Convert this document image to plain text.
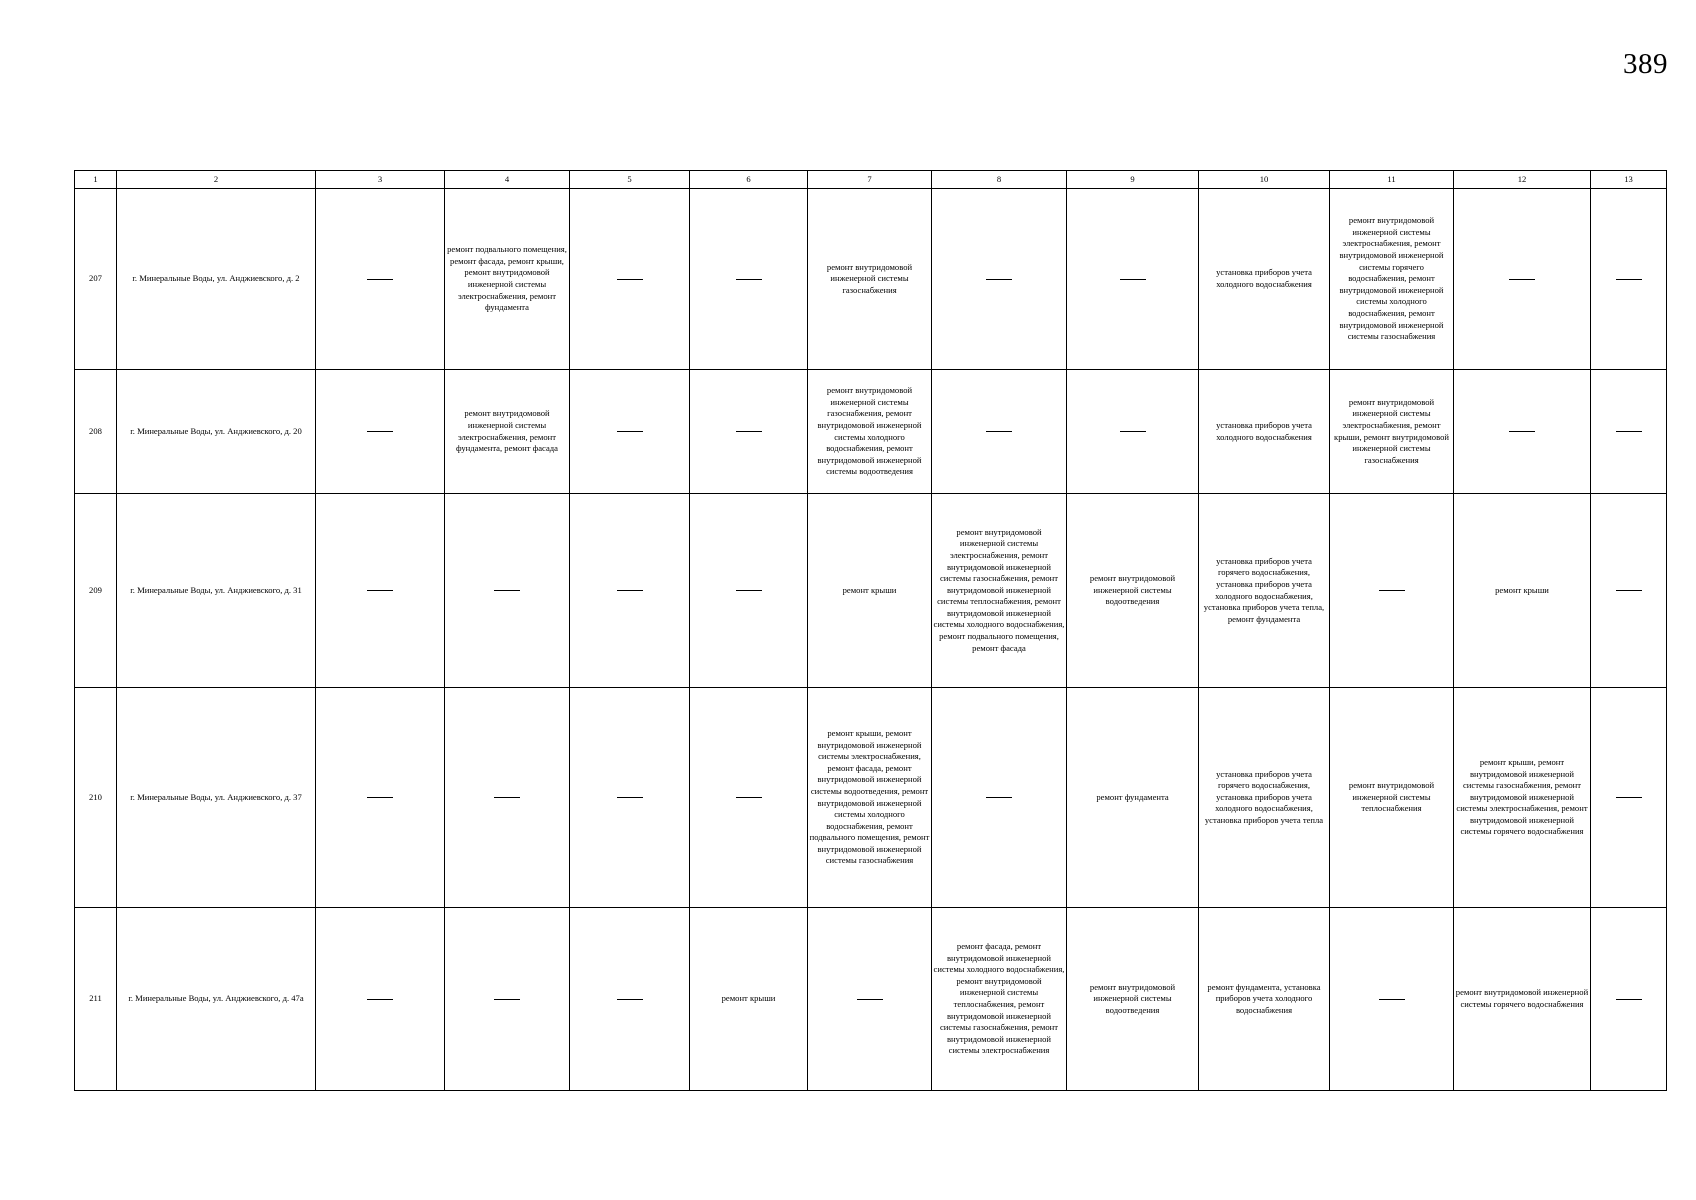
389
1	2	3	4	5	6	7	8	9	10	11	12	13
207	г. Минеральные Воды, ул. Анджиевского, д. 2		ремонт подвального помещения, ремонт фасада, ремонт крыши, ремонт внутридомовой инженерной системы электроснабжения, ремонт фундамента			ремонт внутридомовой инженерной системы газоснабжения			установка приборов учета холодного водоснабжения	ремонт внутридомовой инженерной системы электроснабжения, ремонт внутридомовой инженерной системы горячего водоснабжения, ремонт внутридомовой инженерной системы холодного водоснабжения, ремонт внутридомовой инженерной системы газоснабжения

208	г. Минеральные Воды, ул. Анджиевского, д. 20		ремонт внутридомовой инженерной системы электроснабжения, ремонт фундамента, ремонт фасада			ремонт внутридомовой инженерной системы газоснабжения, ремонт внутридомовой инженерной системы холодного водоснабжения, ремонт внутридомовой инженерной системы водоотведения			установка приборов учета холодного водоснабжения	ремонт внутридомовой инженерной системы электроснабжения, ремонт крыши, ремонт внутридомовой инженерной системы газоснабжения

209	г. Минеральные Воды, ул. Анджиевского, д. 31					ремонт крыши	ремонт внутридомовой инженерной системы электроснабжения, ремонт внутридомовой инженерной системы газоснабжения, ремонт внутридомовой инженерной системы теплоснабжения, ремонт внутридомовой инженерной системы холодного водоснабжения, ремонт подвального помещения, ремонт фасада	ремонт внутридомовой инженерной системы водоотведения	установка приборов учета горячего водоснабжения, установка приборов учета холодного водоснабжения, установка приборов учета тепла, ремонт фундамента		ремонт крыши

210	г. Минеральные Воды, ул. Анджиевского, д. 37					ремонт крыши, ремонт внутридомовой инженерной системы электроснабжения, ремонт фасада, ремонт внутридомовой инженерной системы водоотведения, ремонт внутридомовой инженерной системы холодного водоснабжения, ремонт подвального помещения, ремонт внутридомовой инженерной системы газоснабжения		ремонт фундамента	установка приборов учета горячего водоснабжения, установка приборов учета холодного водоснабжения, установка приборов учета тепла	ремонт внутридомовой инженерной системы теплоснабжения	ремонт крыши, ремонт внутридомовой инженерной системы газоснабжения, ремонт внутридомовой инженерной системы электроснабжения, ремонт внутридомовой инженерной системы горячего водоснабжения

211	г. Минеральные Воды, ул. Анджиевского, д. 47а				ремонт крыши		ремонт фасада, ремонт внутридомовой инженерной системы холодного водоснабжения, ремонт внутридомовой инженерной системы теплоснабжения, ремонт внутридомовой инженерной системы газоснабжения, ремонт внутридомовой инженерной системы электроснабжения	ремонт внутридомовой инженерной системы водоотведения	ремонт фундамента, установка приборов учета холодного водоснабжения		ремонт внутридомовой инженерной системы горячего водоснабжения
